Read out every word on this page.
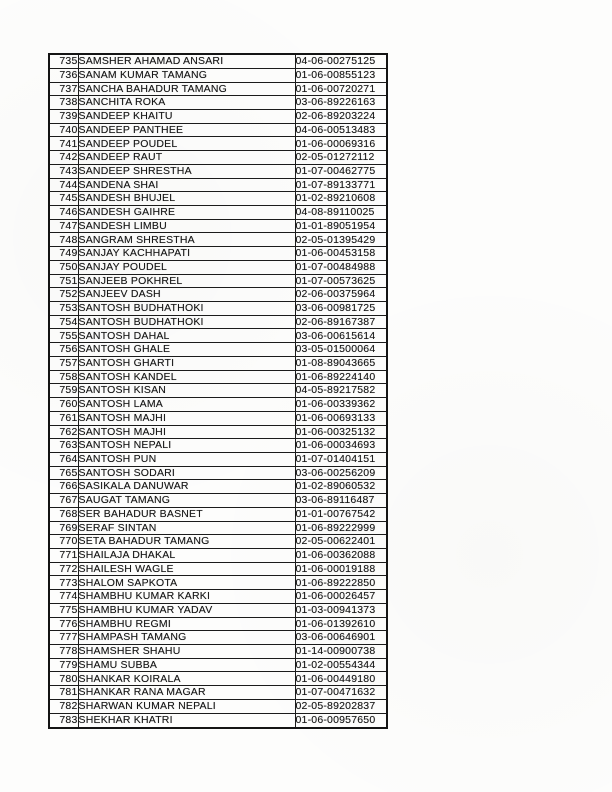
735	SAMSHER AHAMAD ANSARI	04-06-00275125
736	SANAM KUMAR TAMANG	01-06-00855123
737	SANCHA BAHADUR TAMANG	01-06-00720271
738	SANCHITA ROKA	03-06-89226163
739	SANDEEP KHAITU	02-06-89203224
740	SANDEEP PANTHEE	04-06-00513483
741	SANDEEP POUDEL	01-06-00069316
742	SANDEEP RAUT	02-05-01272112
743	SANDEEP SHRESTHA	01-07-00462775
744	SANDENA SHAI	01-07-89133771
745	SANDESH BHUJEL	01-02-89210608
746	SANDESH GAIHRE	04-08-89110025
747	SANDESH LIMBU	01-01-89051954
748	SANGRAM SHRESTHA	02-05-01395429
749	SANJAY KACHHAPATI	01-06-00453158
750	SANJAY POUDEL	01-07-00484988
751	SANJEEB POKHREL	01-07-00573625
752	SANJEEV DASH	02-06-00375964
753	SANTOSH BUDHATHOKI	03-06-00981725
754	SANTOSH BUDHATHOKI	02-06-89167387
755	SANTOSH DAHAL	03-06-00615614
756	SANTOSH GHALE	03-05-01500064
757	SANTOSH GHARTI	01-08-89043665
758	SANTOSH KANDEL	01-06-89224140
759	SANTOSH KISAN	04-05-89217582
760	SANTOSH LAMA	01-06-00339362
761	SANTOSH MAJHI	01-06-00693133
762	SANTOSH MAJHI	01-06-00325132
763	SANTOSH NEPALI	01-06-00034693
764	SANTOSH PUN	01-07-01404151
765	SANTOSH SODARI	03-06-00256209
766	SASIKALA DANUWAR	01-02-89060532
767	SAUGAT TAMANG	03-06-89116487
768	SER BAHADUR BASNET	01-01-00767542
769	SERAF SINTAN	01-06-89222999
770	SETA BAHADUR TAMANG	02-05-00622401
771	SHAILAJA DHAKAL	01-06-00362088
772	SHAILESH WAGLE	01-06-00019188
773	SHALOM SAPKOTA	01-06-89222850
774	SHAMBHU KUMAR KARKI	01-06-00026457
775	SHAMBHU KUMAR YADAV	01-03-00941373
776	SHAMBHU REGMI	01-06-01392610
777	SHAMPASH TAMANG	03-06-00646901
778	SHAMSHER SHAHU	01-14-00900738
779	SHAMU SUBBA	01-02-00554344
780	SHANKAR KOIRALA	01-06-00449180
781	SHANKAR RANA MAGAR	01-07-00471632
782	SHARWAN KUMAR NEPALI	02-05-89202837
783	SHEKHAR KHATRI	01-06-00957650
